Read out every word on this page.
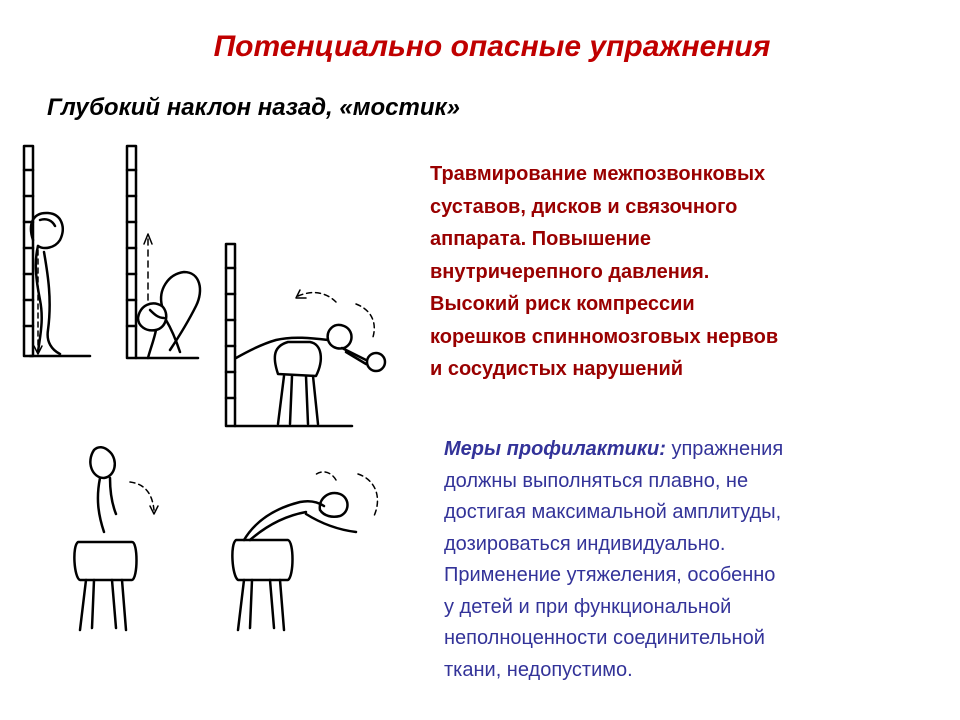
Потенциально опасные упражнения
Глубокий наклон назад, «мостик»
Травмирование межпозвонковых
суставов, дисков и связочного
аппарата. Повышение
внутричерепного давления.
Высокий риск компрессии
корешков спинномозговых нервов
и сосудистых нарушений
Меры профилактики: упражнения
должны выполняться плавно, не
достигая максимальной амплитуды,
дозироваться индивидуально.
Применение утяжеления, особенно
у детей и при функциональной
неполноценности соединительной
ткани, недопустимо.
